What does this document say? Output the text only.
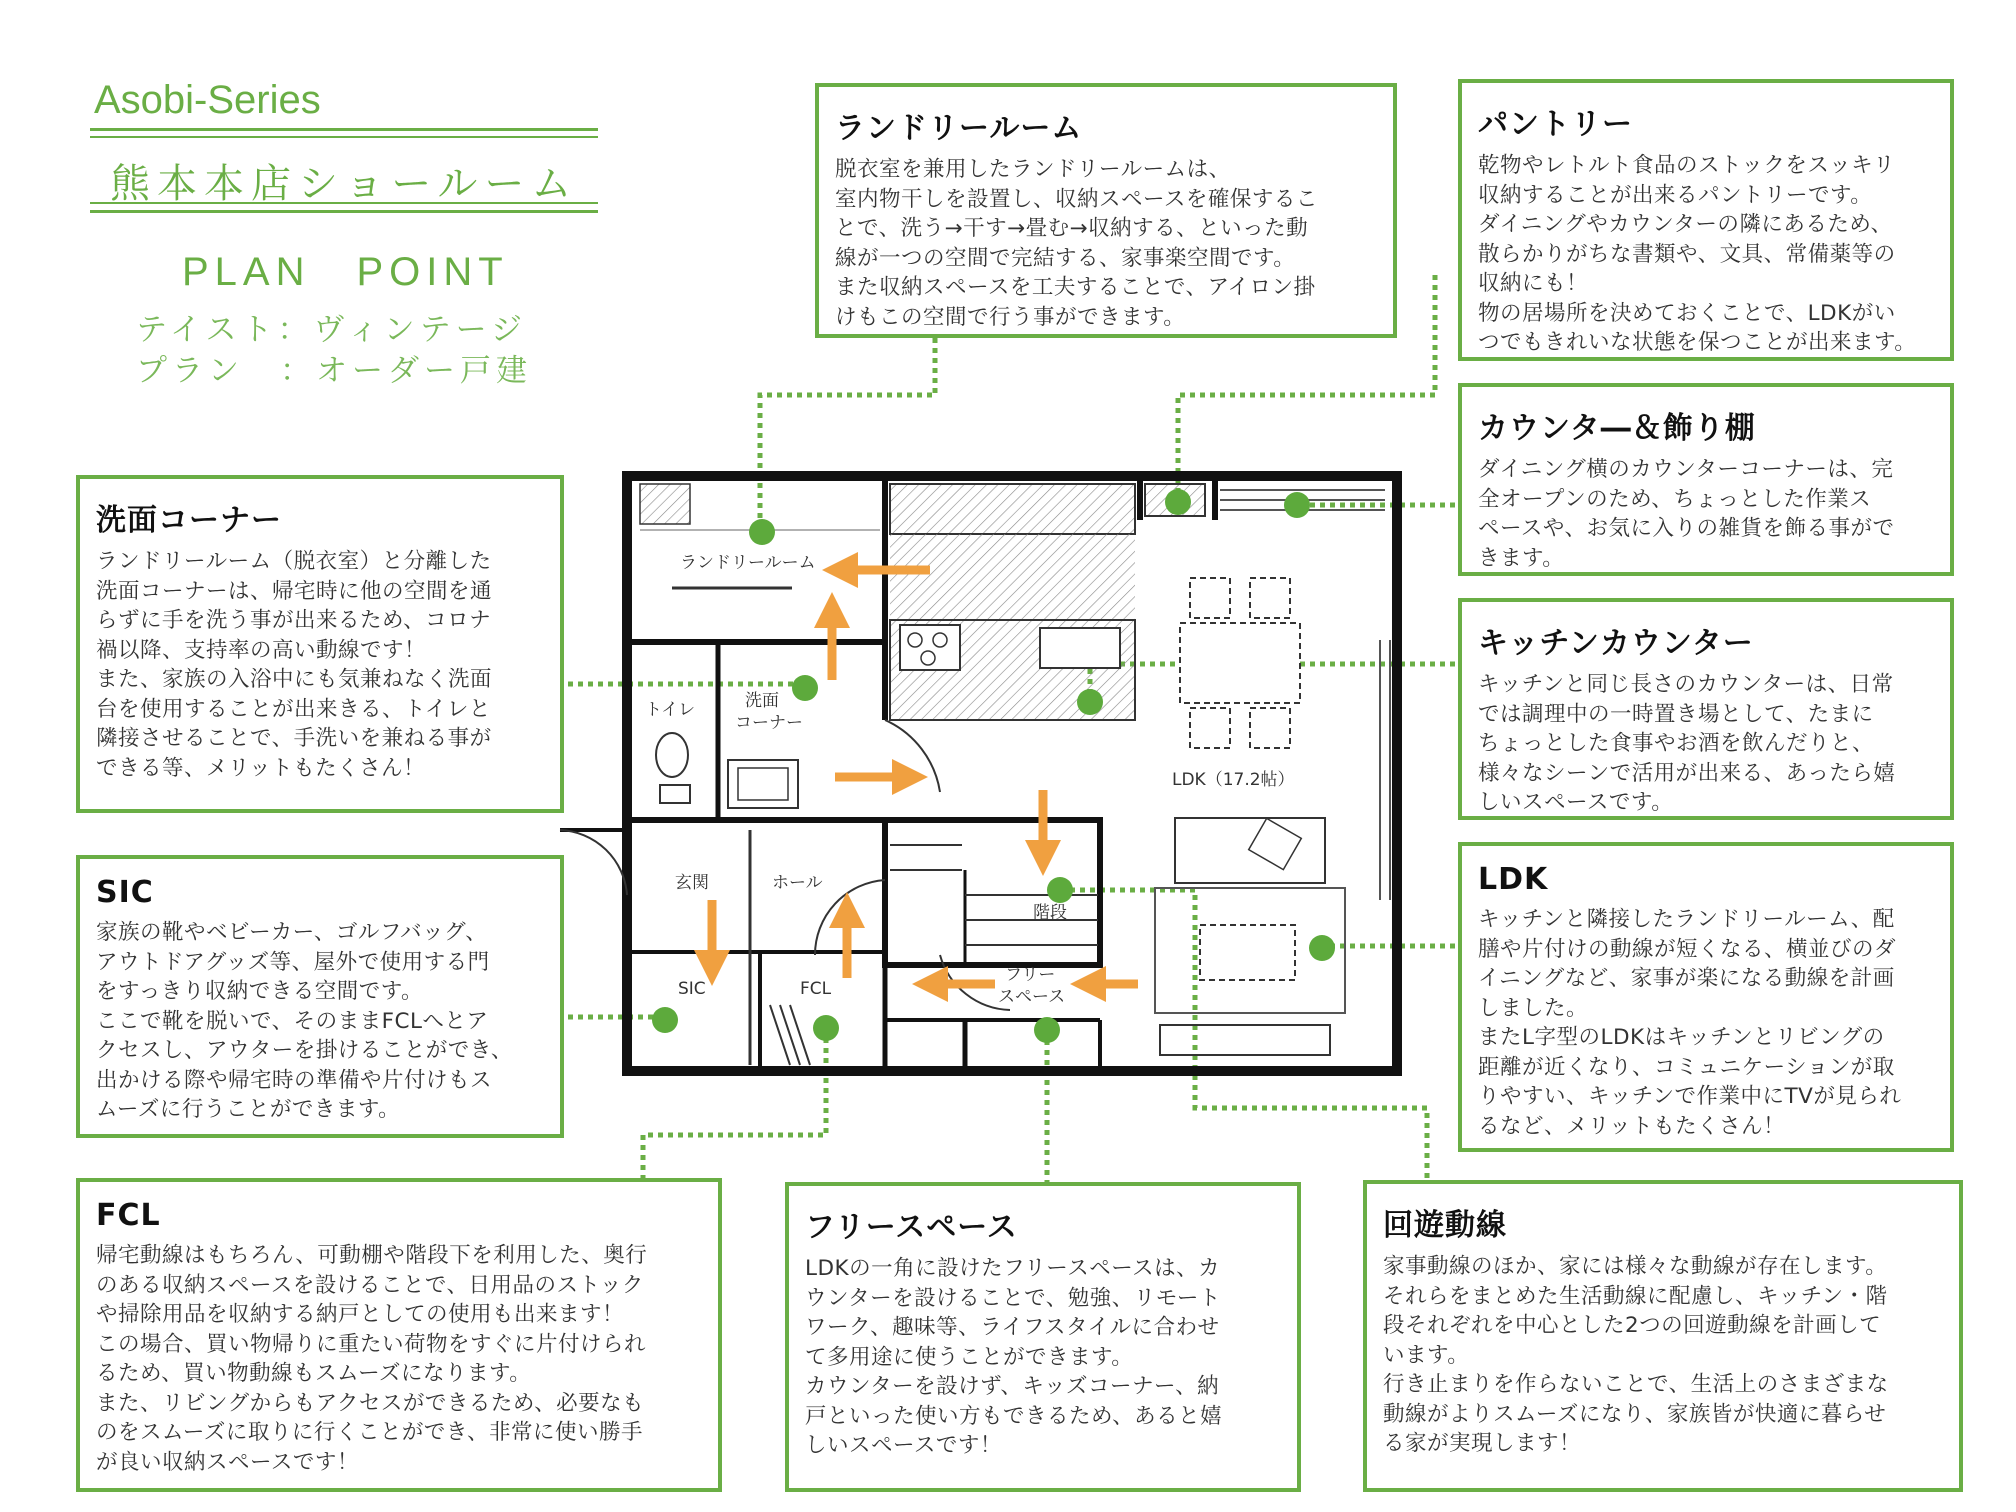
Asobi-Series
熊本本店ショールーム
PLAN　POINT
テイスト：ヴィンテージ
プラン　：オーダー戸建
ランドリールーム
トイレ	洗面
コーナー
LDK（17.2帖）
玄関	ホール
階段
SIC	FCL
フリー
スペース
ランドリールーム

脱衣室を兼用したランドリールームは、
室内物干しを設置し、収納スペースを確保するこ
とで、洗う→干す→畳む→収納する、といった動
線が一つの空間で完結する、家事楽空間です。
また収納スペースを工夫することで、アイロン掛
けもこの空間で行う事ができます。

パントリー

乾物やレトルト食品のストックをスッキリ
収納することが出来るパントリーです。
ダイニングやカウンターの隣にあるため、
散らかりがちな書類や、文具、常備薬等の
収納にも！
物の居場所を決めておくことで、LDKがい
つでもきれいな状態を保つことが出来ます。

カウンタ―＆飾り棚

ダイニング横のカウンターコーナーは、完
全オープンのため、ちょっとした作業ス
ペースや、お気に入りの雑貨を飾る事がで
きます。

キッチンカウンター

キッチンと同じ長さのカウンターは、日常
では調理中の一時置き場として、たまに
ちょっとした食事やお酒を飲んだりと、
様々なシーンで活用が出来る、あったら嬉
しいスペースです。

LDK

キッチンと隣接したランドリールーム、配
膳や片付けの動線が短くなる、横並びのダ
イニングなど、家事が楽になる動線を計画
しました。
またL字型のLDKはキッチンとリビングの
距離が近くなり、コミュニケーションが取
りやすい、キッチンで作業中にTVが見られ
るなど、メリットもたくさん！

洗面コーナー

ランドリールーム（脱衣室）と分離した
洗面コーナーは、帰宅時に他の空間を通
らずに手を洗う事が出来るため、コロナ
禍以降、支持率の高い動線です！
また、家族の入浴中にも気兼ねなく洗面
台を使用することが出来きる、トイレと
隣接させることで、手洗いを兼ねる事が
できる等、メリットもたくさん！

SIC

家族の靴やベビーカー、ゴルフバッグ、
アウトドアグッズ等、屋外で使用する門
をすっきり収納できる空間です。
ここで靴を脱いで、そのままFCLへとア
クセスし、アウターを掛けることができ、
出かける際や帰宅時の準備や片付けもス
ムーズに行うことができます。

FCL

帰宅動線はもちろん、可動棚や階段下を利用した、奥行
のある収納スペースを設けることで、日用品のストック
や掃除用品を収納する納戸としての使用も出来ます！
この場合、買い物帰りに重たい荷物をすぐに片付けられ
るため、買い物動線もスムーズになります。
また、リビングからもアクセスができるため、必要なも
のをスムーズに取りに行くことができ、非常に使い勝手
が良い収納スペースです！

フリースペース

LDKの一角に設けたフリースペースは、カ
ウンターを設けることで、勉強、リモート
ワーク、趣味等、ライフスタイルに合わせ
て多用途に使うことができます。
カウンターを設けず、キッズコーナー、納
戸といった使い方もできるため、あると嬉
しいスペースです！

回遊動線

家事動線のほか、家には様々な動線が存在します。
それらをまとめた生活動線に配慮し、キッチン・階
段それぞれを中心とした2つの回遊動線を計画して
います。
行き止まりを作らないことで、生活上のさまざまな
動線がよりスムーズになり、家族皆が快適に暮らせ
る家が実現します！
